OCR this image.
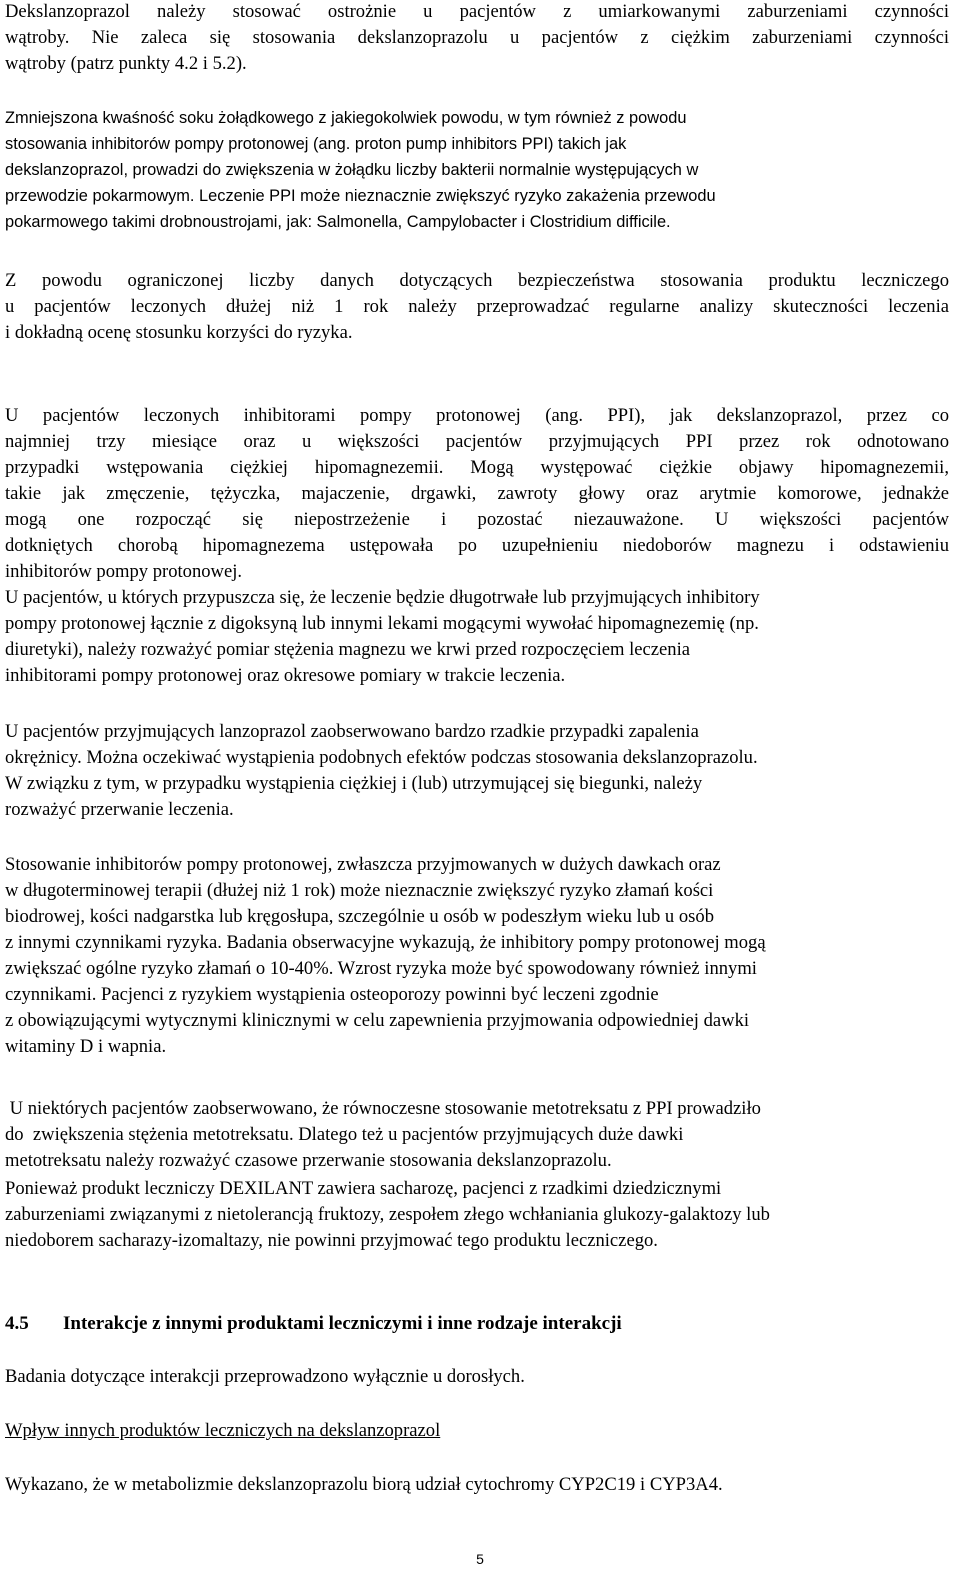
Dekslanzoprazol należy stosować ostrożnie u pacjentów z umiarkowanymi zaburzeniami czynności
wątroby. Nie zaleca się stosowania dekslanzoprazolu u pacjentów z ciężkim zaburzeniami czynności
wątroby (patrz punkty 4.2 i 5.2).
Zmniejszona kwaśność soku żołądkowego z jakiegokolwiek powodu, w tym również z powodu
stosowania inhibitorów pompy protonowej (ang. proton pump inhibitors PPI) takich jak
dekslanzoprazol, prowadzi do zwiększenia w żołądku liczby bakterii normalnie występujących w
przewodzie pokarmowym. Leczenie PPI może nieznacznie zwiększyć ryzyko zakażenia przewodu
pokarmowego takimi drobnoustrojami, jak: Salmonella, Campylobacter i Clostridium difficile.
Z powodu ograniczonej liczby danych dotyczących bezpieczeństwa stosowania produktu leczniczego
u pacjentów leczonych dłużej niż 1 rok należy przeprowadzać regularne analizy skuteczności leczenia
i dokładną ocenę stosunku korzyści do ryzyka.
U pacjentów leczonych inhibitorami pompy protonowej (ang. PPI), jak dekslanzoprazol, przez co
najmniej trzy miesiące oraz u większości pacjentów przyjmujących PPI przez rok odnotowano
przypadki wstępowania ciężkiej hipomagnezemii. Mogą występować ciężkie objawy hipomagnezemii,
takie jak zmęczenie, tężyczka, majaczenie, drgawki, zawroty głowy oraz arytmie komorowe, jednakże
mogą one rozpocząć się niepostrzeżenie i pozostać niezauważone. U większości pacjentów
dotkniętych chorobą hipomagnezema ustępowała po uzupełnieniu niedoborów magnezu i odstawieniu
inhibitorów pompy protonowej.
U pacjentów, u których przypuszcza się, że leczenie będzie długotrwałe lub przyjmujących inhibitory
pompy protonowej łącznie z digoksyną lub innymi lekami mogącymi wywołać hipomagnezemię (np.
diuretyki), należy rozważyć pomiar stężenia magnezu we krwi przed rozpoczęciem leczenia
inhibitorami pompy protonowej oraz okresowe pomiary w trakcie leczenia.
U pacjentów przyjmujących lanzoprazol zaobserwowano bardzo rzadkie przypadki zapalenia
okrężnicy. Można oczekiwać wystąpienia podobnych efektów podczas stosowania dekslanzoprazolu.
W związku z tym, w przypadku wystąpienia ciężkiej i (lub) utrzymującej się biegunki, należy
rozważyć przerwanie leczenia.
Stosowanie inhibitorów pompy protonowej, zwłaszcza przyjmowanych w dużych dawkach oraz
w długoterminowej terapii (dłużej niż 1 rok) może nieznacznie zwiększyć ryzyko złamań kości
biodrowej, kości nadgarstka lub kręgosłupa, szczególnie u osób w podeszłym wieku lub u osób
z innymi czynnikami ryzyka. Badania obserwacyjne wykazują, że inhibitory pompy protonowej mogą
zwiększać ogólne ryzyko złamań o 10-40%. Wzrost ryzyka może być spowodowany również innymi
czynnikami. Pacjenci z ryzykiem wystąpienia osteoporozy powinni być leczeni zgodnie
z obowiązującymi wytycznymi klinicznymi w celu zapewnienia przyjmowania odpowiedniej dawki
witaminy D i wapnia.
U niektórych pacjentów zaobserwowano, że równoczesne stosowanie metotreksatu z PPI prowadziło
do  zwiększenia stężenia metotreksatu. Dlatego też u pacjentów przyjmujących duże dawki
metotreksatu należy rozważyć czasowe przerwanie stosowania dekslanzoprazolu.
Ponieważ produkt leczniczy DEXILANT zawiera sacharozę, pacjenci z rzadkimi dziedzicznymi
zaburzeniami związanymi z nietolerancją fruktozy, zespołem złego wchłaniania glukozy-galaktozy lub
niedoborem sacharazy-izomaltazy, nie powinni przyjmować tego produktu leczniczego.
4.5 Interakcje z innymi produktami leczniczymi i inne rodzaje interakcji
Badania dotyczące interakcji przeprowadzono wyłącznie u dorosłych.
Wpływ innych produktów leczniczych na dekslanzoprazol
Wykazano, że w metabolizmie dekslanzoprazolu biorą udział cytochromy CYP2C19 i CYP3A4.
5
